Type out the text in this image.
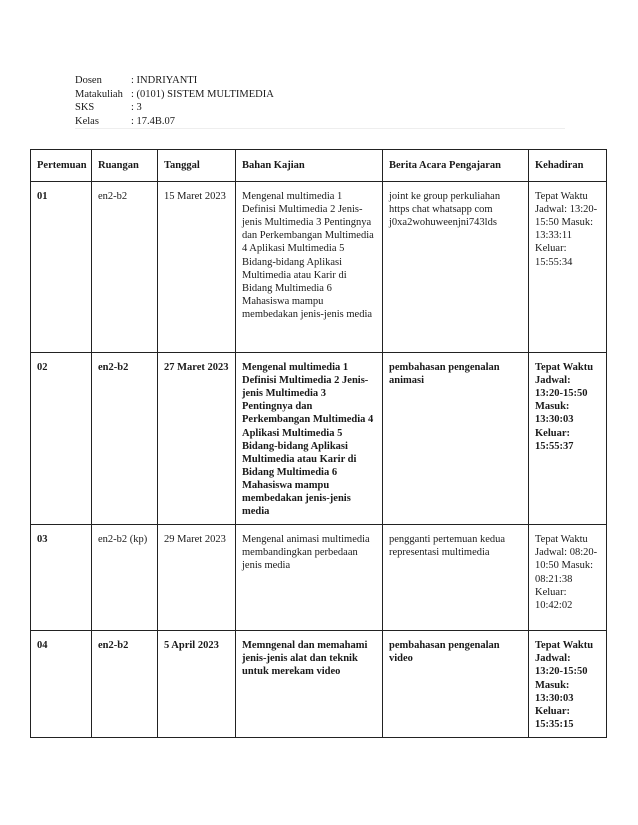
Dosen	: INDRIYANTI
Matakuliah : (0101) SISTEM MULTIMEDIA
SKS	: 3
Kelas	: 17.4B.07
Pertemuan	Ruangan	Tanggal	Bahan Kajian	Berita Acara Pengajaran	Kehadiran
01	en2-b2	15 Maret 2023	Mengenal multimedia 1 Definisi Multimedia 2 Jenis-jenis Multimedia 3 Pentingnya dan Perkembangan Multimedia 4 Aplikasi Multimedia 5 Bidang-bidang Aplikasi Multimedia atau Karir di Bidang Multimedia 6 Mahasiswa mampu membedakan jenis-jenis media	joint ke group perkuliahan https chat whatsapp com j0xa2wohuweenjni743lds	Tepat Waktu Jadwal: 13:20-15:50 Masuk: 13:33:11 Keluar: 15:55:34
02	en2-b2	27 Maret 2023	Mengenal multimedia 1 Definisi Multimedia 2 Jenis-jenis Multimedia 3 Pentingnya dan Perkembangan Multimedia 4 Aplikasi Multimedia 5 Bidang-bidang Aplikasi Multimedia atau Karir di Bidang Multimedia 6 Mahasiswa mampu membedakan jenis-jenis media	pembahasan pengenalan animasi	Tepat Waktu Jadwal: 13:20-15:50 Masuk: 13:30:03 Keluar: 15:55:37
03	en2-b2 (kp)	29 Maret 2023	Mengenal animasi multimedia membandingkan perbedaan jenis media	pengganti pertemuan kedua representasi multimedia	Tepat Waktu Jadwal: 08:20-10:50 Masuk: 08:21:38 Keluar: 10:42:02
04	en2-b2	5 April 2023	Memngenal dan memahami jenis-jenis alat dan teknik untuk merekam video	pembahasan pengenalan video	Tepat Waktu Jadwal: 13:20-15:50 Masuk: 13:30:03 Keluar: 15:35:15
